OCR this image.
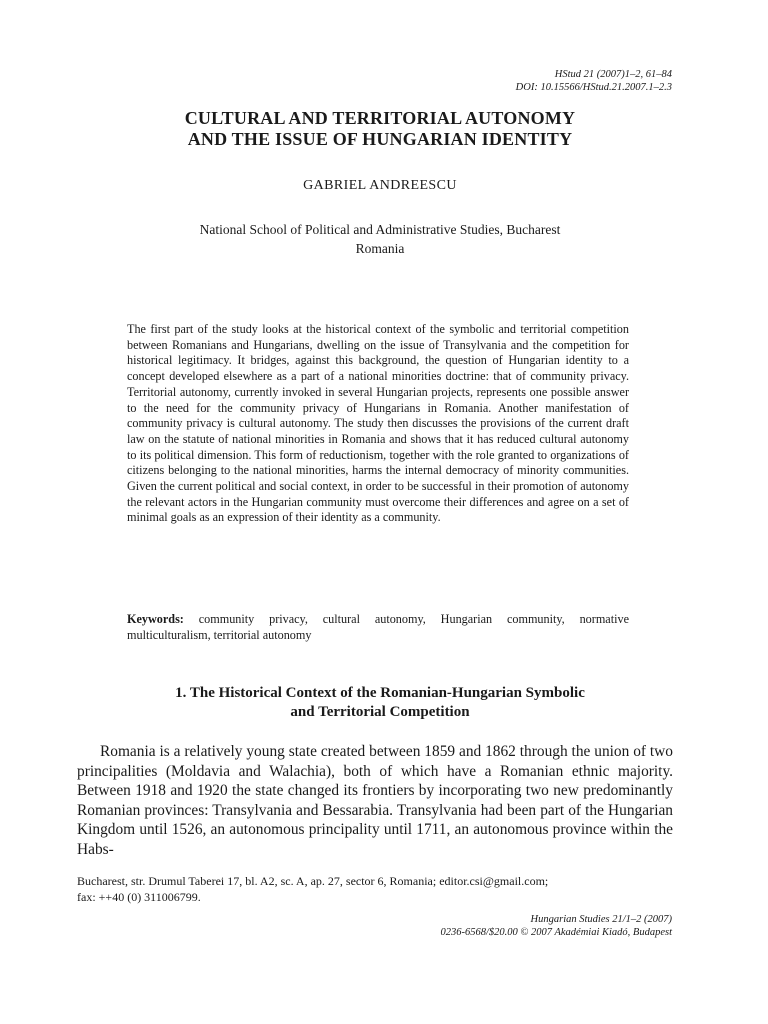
HStud 21 (2007)1–2, 61–84
DOI: 10.15566/HStud.21.2007.1–2.3
CULTURAL AND TERRITORIAL AUTONOMY
AND THE ISSUE OF HUNGARIAN IDENTITY
GABRIEL ANDREESCU
National School of Political and Administrative Studies, Bucharest
Romania

The first part of the study looks at the historical context of the symbolic and territorial competition between Romanians and Hungarians, dwelling on the issue of Transylvania and the competition for historical legitimacy. It bridges, against this background, the question of Hungarian identity to a concept developed elsewhere as a part of a national minorities doctrine: that of community privacy. Territorial autonomy, currently invoked in several Hungarian projects, represents one possible answer to the need for the community privacy of Hungarians in Romania. Another manifestation of community privacy is cultural autonomy. The study then discusses the provisions of the current draft law on the statute of national minorities in Romania and shows that it has reduced cultural autonomy to its political dimension. This form of reductionism, together with the role granted to organizations of citizens belonging to the national minorities, harms the internal democracy of minority communities. Given the current political and social context, in order to be successful in their promotion of autonomy the relevant actors in the Hungarian community must overcome their differences and agree on a set of minimal goals as an expression of their identity as a community.

Keywords: community privacy, cultural autonomy, Hungarian community, normative multiculturalism, territorial autonomy

1. The Historical Context of the Romanian-Hungarian Symbolic
and Territorial Competition

Romania is a relatively young state created between 1859 and 1862 through the union of two principalities (Moldavia and Walachia), both of which have a Romanian ethnic majority. Between 1918 and 1920 the state changed its frontiers by incorporating two new predominantly Romanian provinces: Transylvania and Bessarabia. Transylvania had been part of the Hungarian Kingdom until 1526, an autonomous principality until 1711, an autonomous province within the Habs-

Bucharest, str. Drumul Taberei 17, bl. A2, sc. A, ap. 27, sector 6, Romania; editor.csi@gmail.com;
fax: ++40 (0) 311006799.

Hungarian Studies 21/1–2 (2007)
0236-6568/$20.00 © 2007 Akadémiai Kiadó, Budapest
